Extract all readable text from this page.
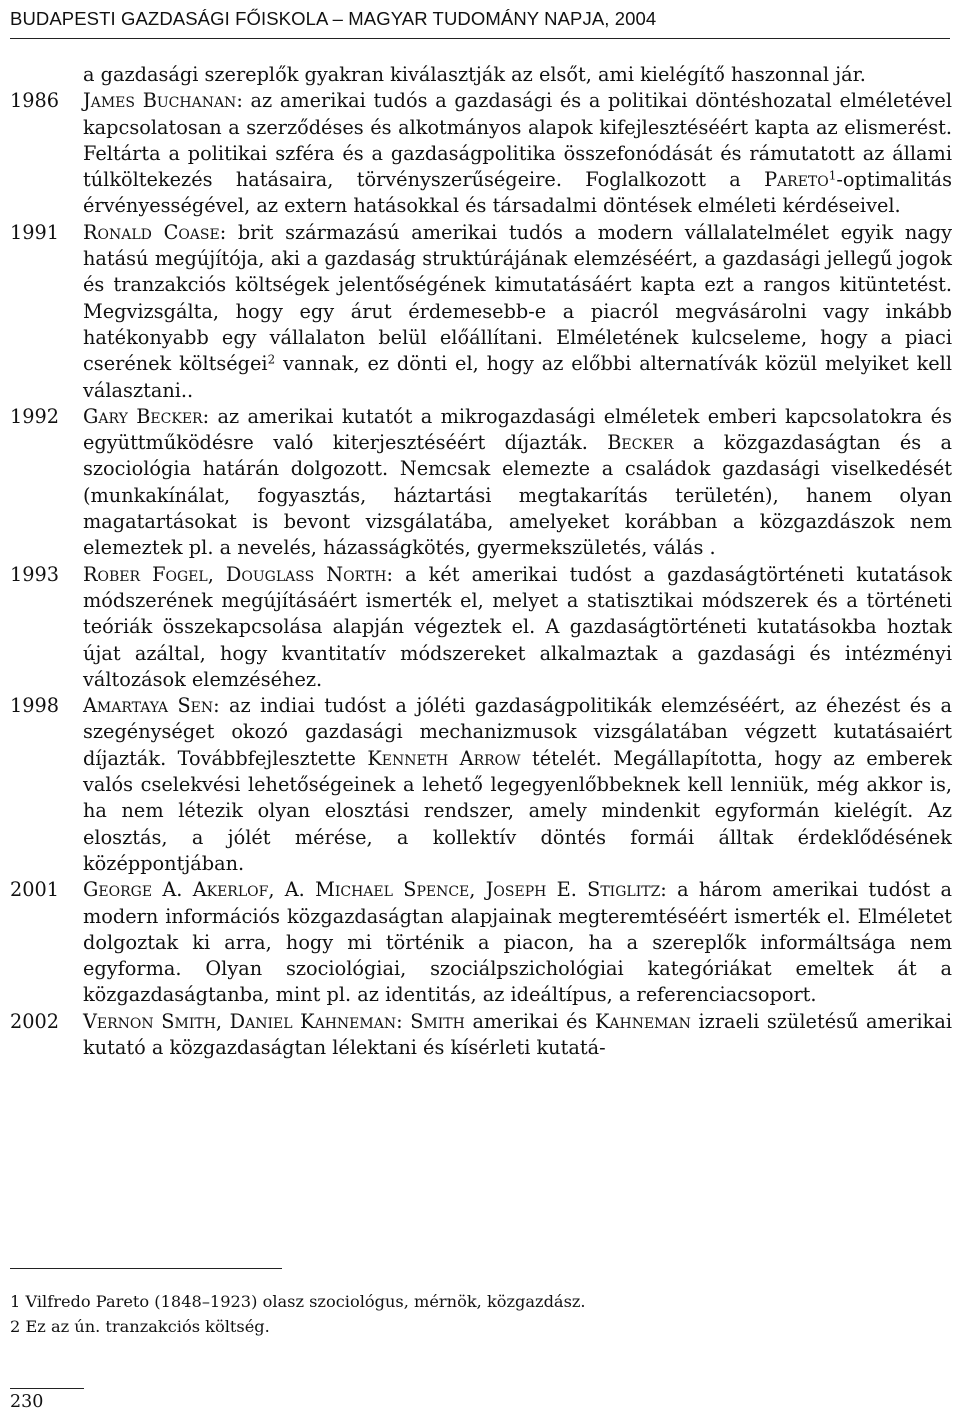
BUDAPESTI GAZDASÁGI FŐISKOLA – MAGYAR TUDOMÁNY NAPJA, 2004
a gazdasági szereplők gyakran kiválasztják az elsőt, ami kielégítő haszonnal jár.
1986	James Buchanan: az amerikai tudós a gazdasági és a politikai döntéshozatal elméletével kapcsolatosan a szerződéses és alkotmányos alapok kifejlesztéséért kapta az elismerést. Feltárta a politikai szféra és a gazdaságpolitika összefonódását és rámutatott az állami túlköltekezés hatásaira, törvényszerűségeire. Foglalkozott a Pareto$^1$-optimalitás érvényességével, az extern hatásokkal és társadalmi döntések elméleti kérdéseivel.
1991	Ronald Coase: brit származású amerikai tudós a modern vállalatelmélet egyik nagy hatású megújítója, aki a gazdaság struktúrájának elemzéséért, a gazdasági jellegű jogok és tranzakciós költségek jelentőségének kimutatásáért kapta ezt a rangos kitüntetést. Megvizsgálta, hogy egy árut érdemesebb-e a piacról megvásárolni vagy inkább hatékonyabb egy vállalaton belül előállítani. Elméletének kulcseleme, hogy a piaci cserének költségei$^2$ vannak, ez dönti el, hogy az előbbi alternatívák közül melyiket kell választani..
1992	Gary Becker: az amerikai kutatót a mikrogazdasági elméletek emberi kapcsolatokra és együttműködésre való kiterjesztéséért díjazták. Becker a közgazdaságtan és a szociológia határán dolgozott. Nemcsak elemezte a családok gazdasági viselkedését (munkakínálat, fogyasztás, háztartási megtakarítás területén), hanem olyan magatartásokat is bevont vizsgálatába, amelyeket korábban a közgazdászok nem elemeztek pl. a nevelés, házasságkötés, gyermekszületés, válás .
1993	Rober Fogel, Douglass North: a két amerikai tudóst a gazdaságtörténeti kutatások módszerének megújításáért ismerték el, melyet a statisztikai módszerek és a történeti teóriák összekapcsolása alapján végeztek el. A gazdaságtörténeti kutatásokba hoztak újat azáltal, hogy kvantitatív módszereket alkalmaztak a gazdasági és intézményi változások elemzéséhez.
1998	Amartaya Sen: az indiai tudóst a jóléti gazdaságpolitikák elemzéséért, az éhezést és a szegénységet okozó gazdasági mechanizmusok vizsgálatában végzett kutatásaiért díjazták. Továbbfejlesztette Kenneth Arrow tételét. Megállapította, hogy az emberek valós cselekvési lehetőségeinek a lehető legegyenlőbbeknek kell lenniük, még akkor is, ha nem létezik olyan elosztási rendszer, amely mindenkit egyformán kielégít. Az elosztás, a jólét mérése, a kollektív döntés formái álltak érdeklődésének középpontjában.
2001	George A. Akerlof, A. Michael Spence, Joseph E. Stiglitz: a három amerikai tudóst a modern információs közgazdaságtan alapjainak megteremtéséért ismerték el. Elméletet dolgoztak ki arra, hogy mi történik a piacon, ha a szereplők informáltsága nem egyforma. Olyan szociológiai, szociálpszichológiai kategóriákat emeltek át a közgazdaságtanba, mint pl. az identitás, az ideáltípus, a referenciacsoport.
2002	Vernon Smith, Daniel Kahneman: Smith amerikai és Kahneman izraeli születésű amerikai kutató a közgazdaságtan lélektani és kísérleti kutatá-
1 Vilfredo Pareto (1848–1923) olasz szociológus, mérnök, közgazdász.
2 Ez az ún. tranzakciós költség.
230
